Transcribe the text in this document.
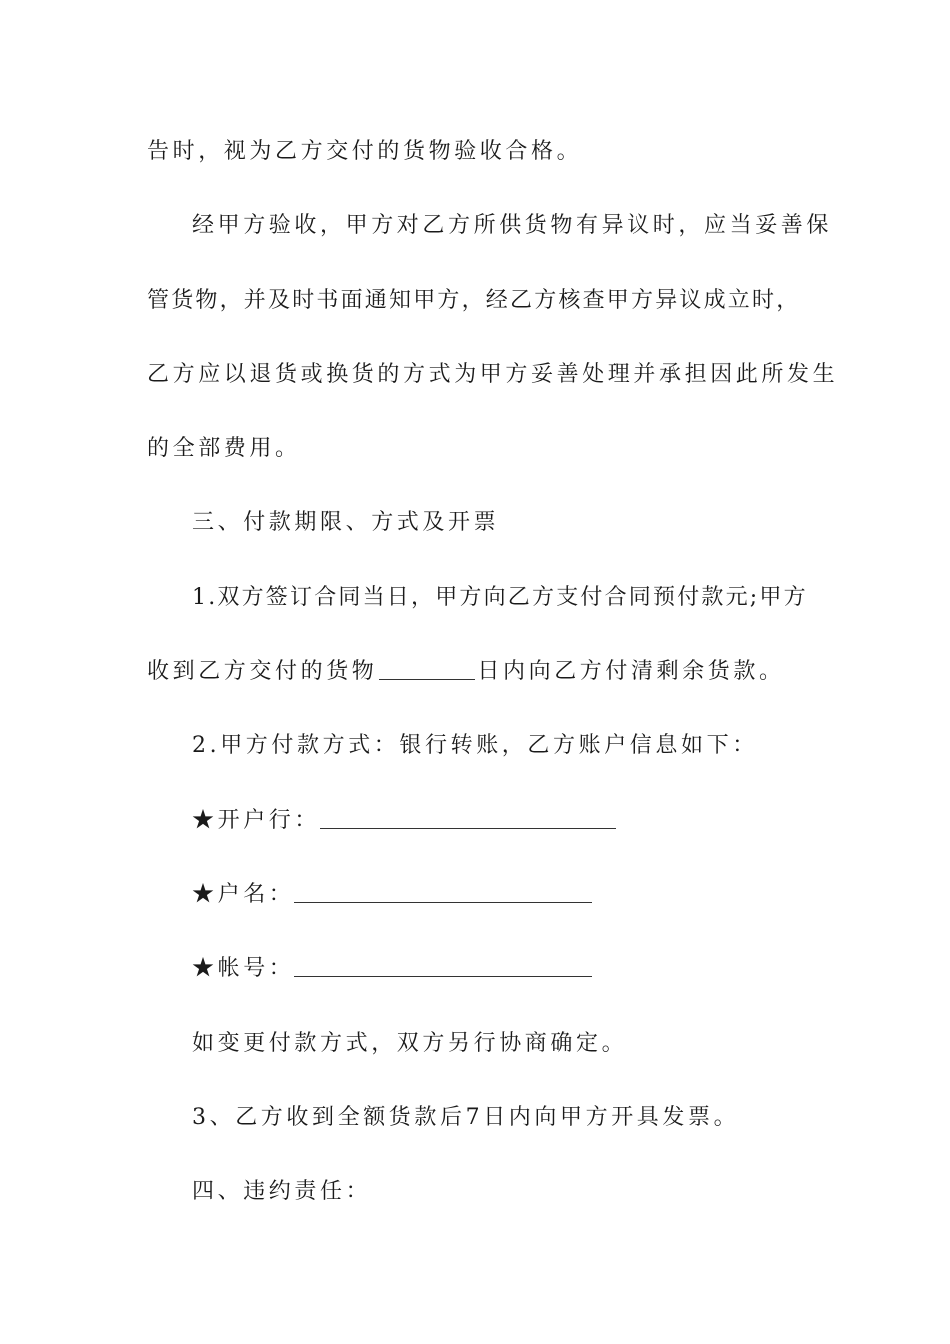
告时，视为乙方交付的货物验收合格。
经甲方验收，甲方对乙方所供货物有异议时，应当妥善保
管货物，并及时书面通知甲方，经乙方核查甲方异议成立时，
乙方应以退货或换货的方式为甲方妥善处理并承担因此所发生
的全部费用。
三、付款期限、方式及开票
1.双方签订合同当日，甲方向乙方支付合同预付款元;甲方
收到乙方交付的货物	日内向乙方付清剩余货款。
2.甲方付款方式：银行转账，乙方账户信息如下：
★开户行：
★户名：
★帐号：
如变更付款方式，双方另行协商确定。
3、乙方收到全额货款后7日内向甲方开具发票。
四、违约责任：
